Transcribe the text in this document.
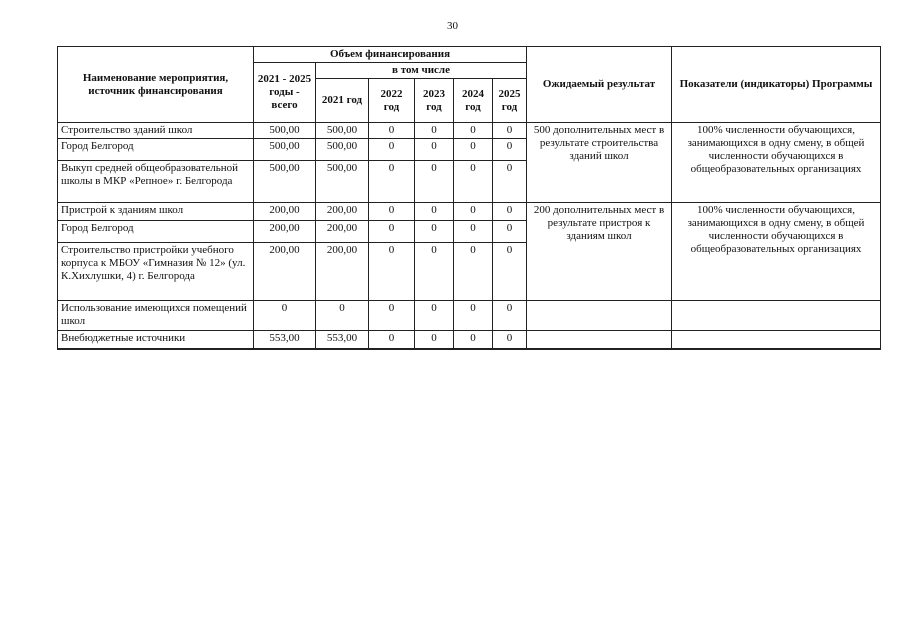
30
Наименование мероприятия, источник финансирования	Объем финансирования						Ожидаемый результат	Показатели (индикаторы) Программы
	2021 - 2025 годы - всего	в том числе						
		2021 год	2022 год	2023 год	2024 год	2025 год		
Строительство зданий школ	500,00	500,00	0	0	0	0	500 дополнительных мест в результате строительства зданий школ	100% численности обучающихся, занимающихся в одну смену, в общей численности обучающихся в общеобразовательных организациях
Город Белгород	500,00	500,00	0	0	0	0		
Выкуп средней общеобразовательной школы в МКР «Репное» г. Белгорода	500,00	500,00	0	0	0	0		
Пристрой к зданиям школ	200,00	200,00	0	0	0	0	200 дополнительных мест в результате пристроя к зданиям школ	100% численности обучающихся, занимающихся в одну смену, в общей численности обучающихся в общеобразовательных организациях
Город Белгород	200,00	200,00	0	0	0	0		
Строительство пристройки учебного корпуса к МБОУ «Гимназия № 12» (ул. К.Хихлушки, 4) г. Белгорода	200,00	200,00	0	0	0	0		
Использование имеющихся помещений школ	0	0	0	0	0	0		
Внебюджетные источники	553,00	553,00	0	0	0	0		
